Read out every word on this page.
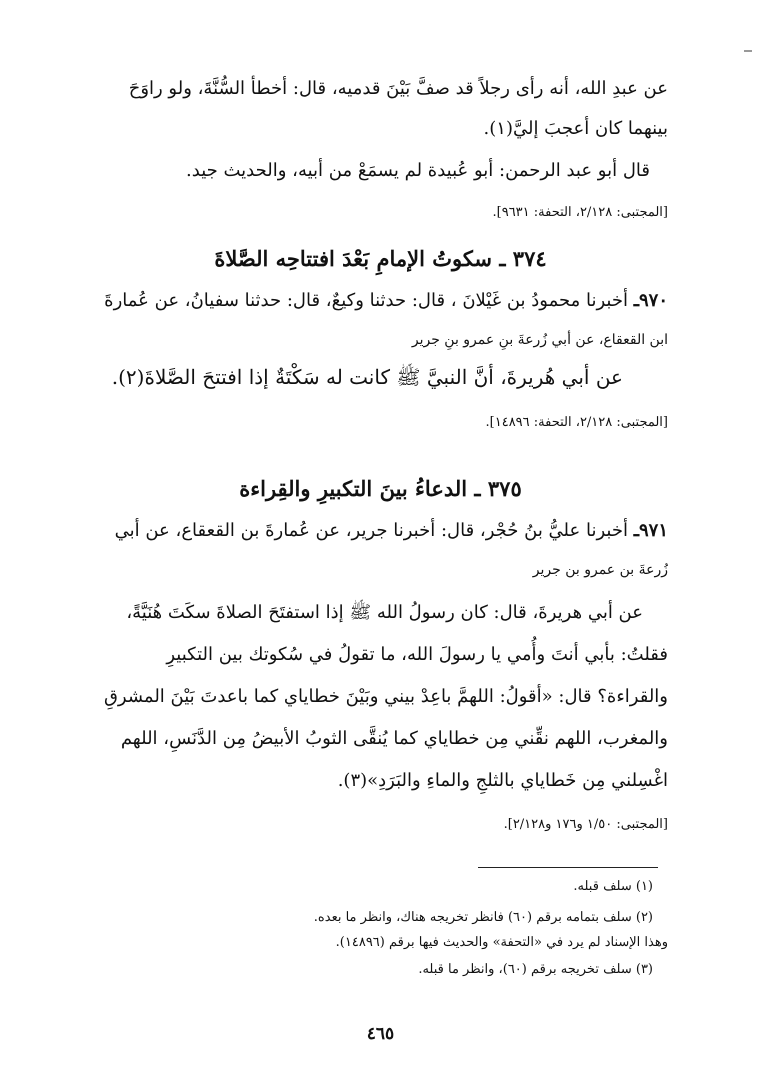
عن عبدِ الله، أنه رأى رجلاً قد صفَّ بَيْنَ قدميه، قال: أخطأ السُّنَّةَ، ولو راوَحَ
بينهما كان أعجبَ إليَّ(١).
قال أبو عبد الرحمن: أبو عُبيدة لم يسمَعْ من أبيه، والحديث جيد.
[المجتبى: ٢/١٢٨، التحفة: ٩٦٣١].
٣٧٤ ـ سكوتُ الإمامِ بَعْدَ افتتاحِه الصَّلاةَ
٩٧٠ـ أخبرنا محمودُ بن غَيْلانَ ، قال: حدثنا وكيعٌ، قال: حدثنا سفيانُ، عن عُمارةَ
ابن القعقاع، عن أبي زُرعةَ بنِ عمرو بنِ جرير
عن أبي هُريرةَ، أنَّ النبيَّ ﷺ كانت له سَكْتَةٌ إذا افتتحَ الصَّلاةَ(٢).
[المجتبى: ٢/١٢٨، التحفة: ١٤٨٩٦].
٣٧٥ ـ الدعاءُ بينَ التكبيرِ والقِراءة
٩٧١ـ أخبرنا عليُّ بنُ حُجْر، قال: أخبرنا جرير، عن عُمارةَ بن القعقاع، عن أبي
زُرعةَ بن عمرو بن جرير
عن أبي هريرةَ، قال: كان رسولُ الله ﷺ إذا استفتَحَ الصلاةَ سكَتَ هُنَيَّةً،
فقلتُ: بأبي أنتَ وأُمي يا رسولَ الله، ما تقولُ في سُكوتك بين التكبيرِ
والقراءة؟ قال: «أقولُ: اللهمَّ باعِدْ بيني وبَيْنَ خطاياي كما باعدتَ بَيْنَ المشرقِ
والمغرب، اللهم نقِّني مِن خطاياي كما يُنقَّى الثوبُ الأبيضُ مِن الدَّنَسِ، اللهم
اغْسِلني مِن خَطاياي بالثلجِ والماءِ والبَرَدِ»(٣).
[المجتبى: ١/٥٠ و١٧٦ و٢/١٢٨].
(١) سلف قبله.
(٢) سلف بتمامه برقم (٦٠) فانظر تخريجه هناك، وانظر ما بعده.
وهذا الإسناد لم يرد في «التحفة» والحديث فيها برقم (١٤٨٩٦).
(٣) سلف تخريجه برقم (٦٠)، وانظر ما قبله.
٤٦٥
